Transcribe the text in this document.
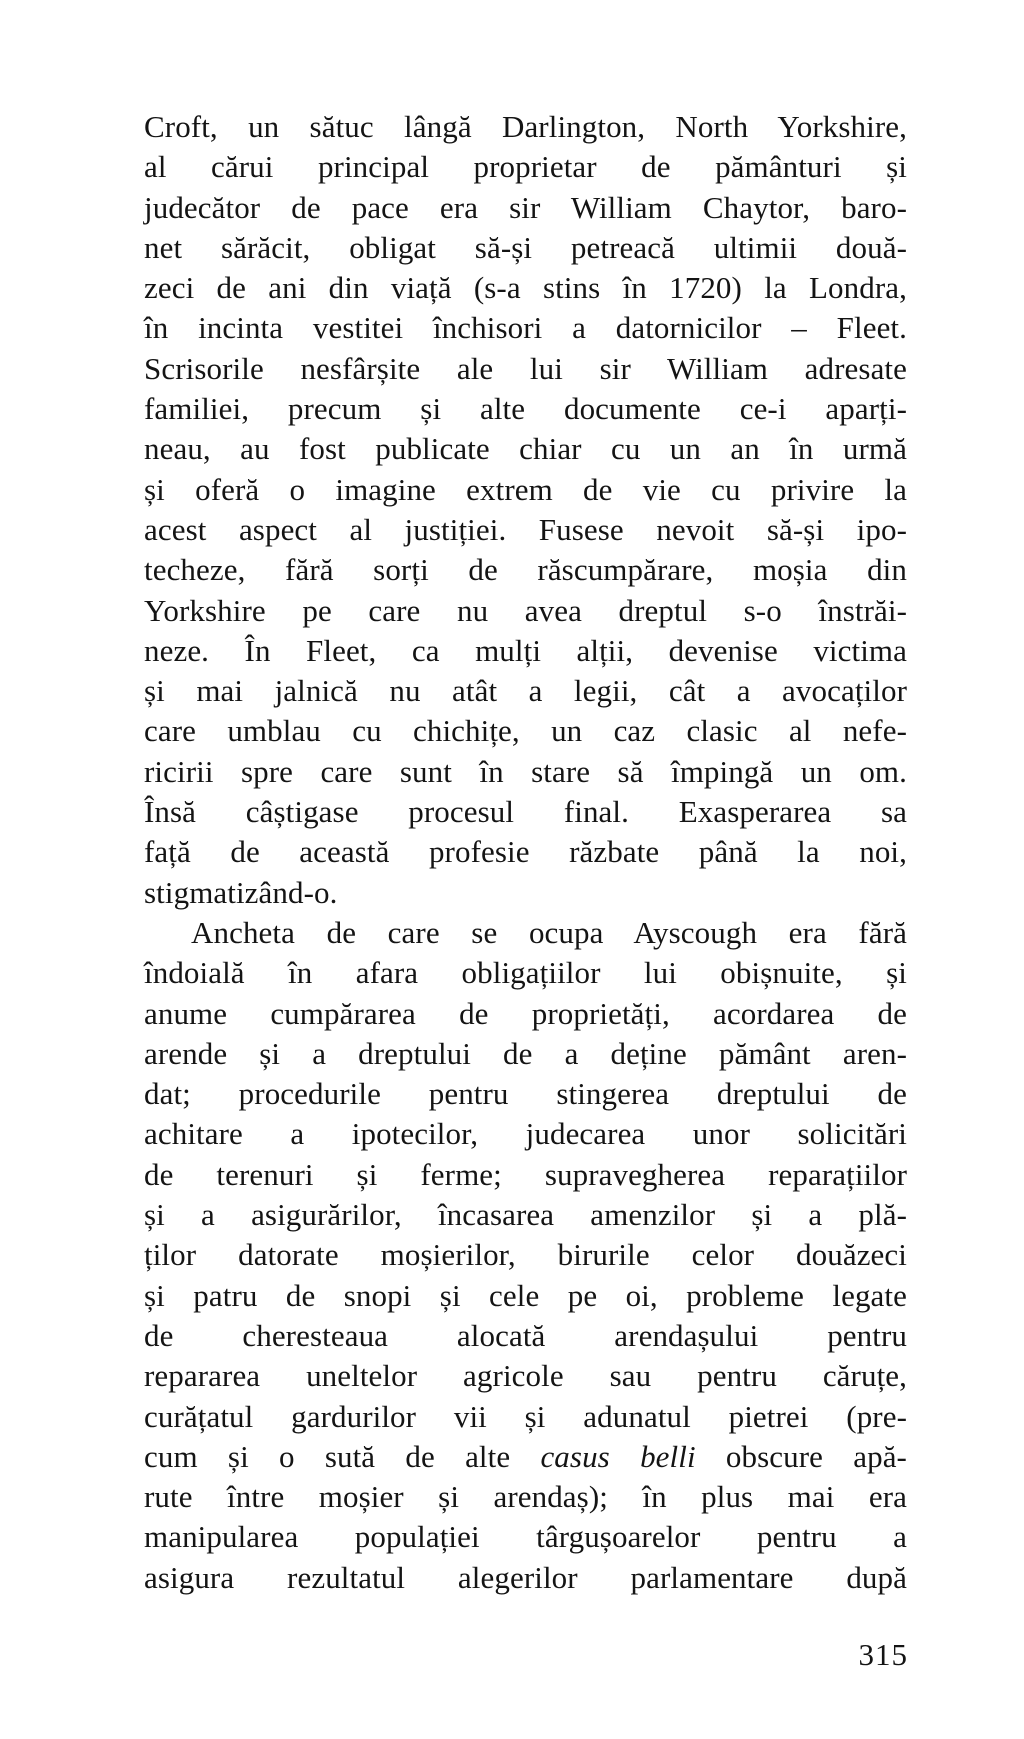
Croft, un sătuc lângă Darlington, North Yorkshire,
al cărui principal proprietar de pământuri și
judecător de pace era sir William Chaytor, baro-
net sărăcit, obligat să-și petreacă ultimii două-
zeci de ani din viață (s-a stins în 1720) la Londra,
în incinta vestitei închisori a datornicilor – Fleet.
Scrisorile nesfârșite ale lui sir William adresate
familiei, precum și alte documente ce-i aparți-
neau, au fost publicate chiar cu un an în urmă
și oferă o imagine extrem de vie cu privire la
acest aspect al justiției. Fusese nevoit să-și ipo-
techeze, fără sorți de răscumpărare, moșia din
Yorkshire pe care nu avea dreptul s-o înstrăi-
neze. În Fleet, ca mulți alții, devenise victima
și mai jalnică nu atât a legii, cât a avocaților
care umblau cu chichițe, un caz clasic al nefe-
ricirii spre care sunt în stare să împingă un om.
Însă câștigase procesul final. Exasperarea sa
față de această profesie răzbate până la noi,
stigmatizând-o.
Ancheta de care se ocupa Ayscough era fără
îndoială în afara obligațiilor lui obișnuite, și
anume cumpărarea de proprietăți, acordarea de
arende și a dreptului de a deține pământ aren-
dat; procedurile pentru stingerea dreptului de
achitare a ipotecilor, judecarea unor solicitări
de terenuri și ferme; supravegherea reparațiilor
și a asigurărilor, încasarea amenzilor și a plă-
ților datorate moșierilor, birurile celor douăzeci
și patru de snopi și cele pe oi, probleme legate
de cheresteaua alocată arendașului pentru
repararea uneltelor agricole sau pentru căruțe,
curățatul gardurilor vii și adunatul pietrei (pre-
cum și o sută de alte casus belli obscure apă-
rute între moșier și arendaș); în plus mai era
manipularea populației târgușoarelor pentru a
asigura rezultatul alegerilor parlamentare după
315
